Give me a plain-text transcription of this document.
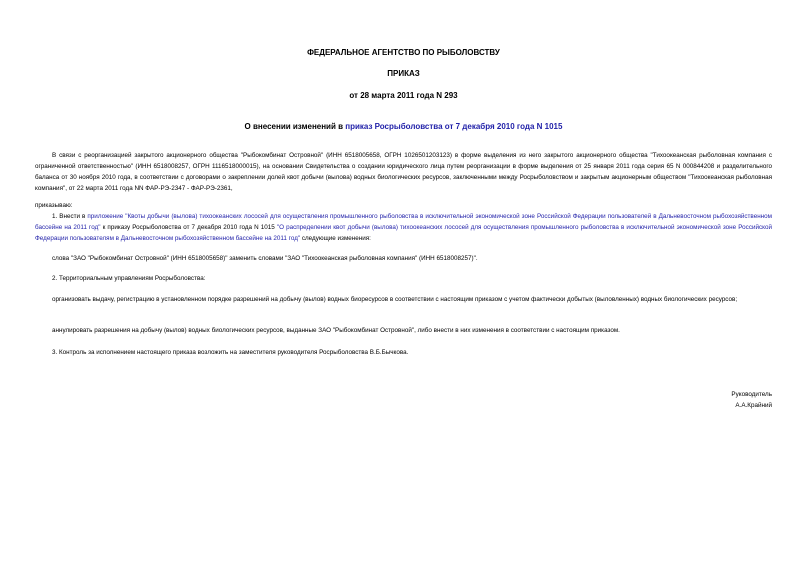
ФЕДЕРАЛЬНОЕ АГЕНТСТВО ПО РЫБОЛОВСТВУ
ПРИКАЗ
от 28 марта 2011 года N 293
О внесении изменений в приказ Росрыболовства от 7 декабря 2010 года N 1015
В связи с реорганизацией закрытого акционерного общества "Рыбокомбинат Островной" (ИНН 6518005658, ОГРН 1026501203123) в форме выделения из него закрытого акционерного общества "Тихоокеанская рыболовная компания с ограниченной ответственностью" (ИНН 6518008257, ОГРН 1116518000015), на основании Свидетельства о создании юридического лица путем реорганизации в форме выделения от 25 января 2011 года серия 65 N 000844208 и разделительного баланса от 30 ноября 2010 года, в соответствии с договорами о закреплении долей квот добычи (вылова) водных биологических ресурсов, заключенными между Росрыболовством и закрытым акционерным обществом "Тихоокеанская рыболовная компания", от 22 марта 2011 года NN ФАР-РЭ-2347 - ФАР-РЭ-2361,
приказываю:
1. Внести в приложение "Квоты добычи (вылова) тихоокеанских лососей для осуществления промышленного рыболовства в исключительной экономической зоне Российской Федерации пользователей в Дальневосточном рыбохозяйственном бассейне на 2011 год" к приказу Росрыболовства от 7 декабря 2010 года N 1015 "О распределении квот добычи (вылова) тихоокеанских лососей для осуществления промышленного рыболовства в исключительной экономической зоне Российской Федерации пользователям в Дальневосточном рыбохозяйственном бассейне на 2011 год" следующие изменения:
слова "ЗАО "Рыбокомбинат Островной" (ИНН 6518005658)" заменить словами "ЗАО "Тихоокеанская рыболовная компания" (ИНН 6518008257)".
2. Территориальным управлениям Росрыболовства:
организовать выдачу, регистрацию в установленном порядке разрешений на добычу (вылов) водных биоресурсов в соответствии с настоящим приказом с учетом фактически добытых (выловленных) водных биологических ресурсов;
аннулировать разрешения на добычу (вылов) водных биологических ресурсов, выданные ЗАО "Рыбокомбинат Островной", либо внести в них изменения в соответствии с настоящим приказом.
3. Контроль за исполнением настоящего приказа возложить на заместителя руководителя Росрыболовства В.Б.Бычкова.
Руководитель
А.А.Крайний
